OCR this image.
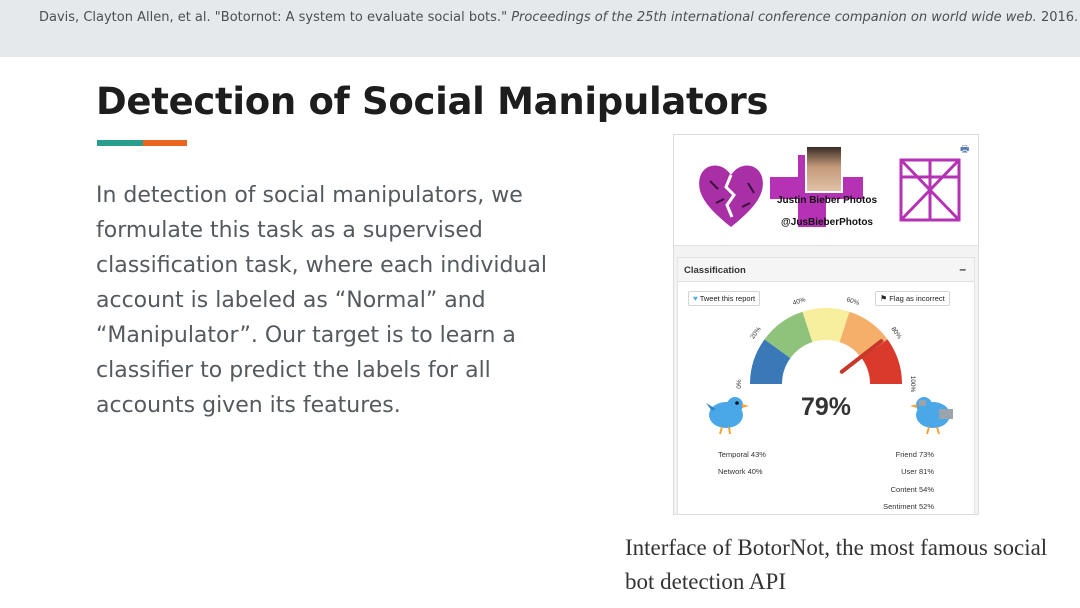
Davis, Clayton Allen, et al. "Botornot: A system to evaluate social bots." Proceedings of the 25th international conference companion on world wide web. 2016.
Detection of Social Manipulators
In detection of social manipulators, we formulate this task as a supervised classification task, where each individual account is labeled as “Normal” and “Manipulator”. Our target is to learn a classifier to predict the labels for all accounts given its features.
🖶
Justin Bieber Photos
@JusBieberPhotos
Classification	–
♥ Tweet this report	⚑ Flag as incorrect
0%
20%
40%	60%
80%
100%
79%
Temporal 43%
Network 40%
Friend 73%
User 81%
Content 54%
Sentiment 52%
Interface of BotorNot, the most famous social bot detection API
